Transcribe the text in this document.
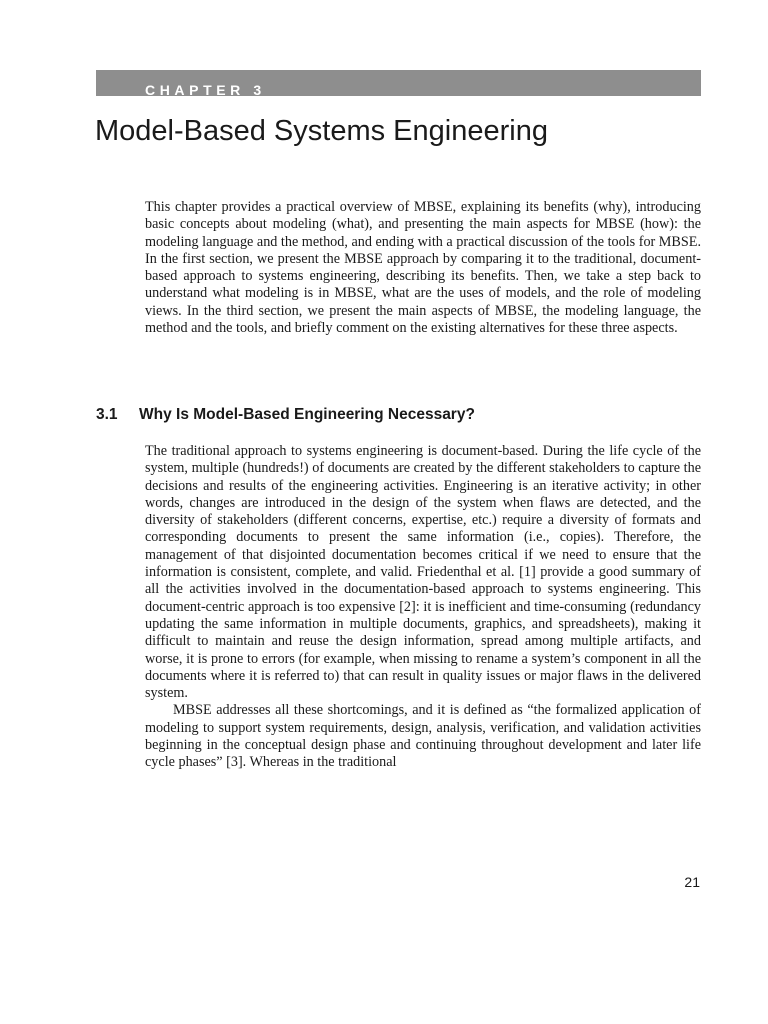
CHAPTER 3
Model-Based Systems Engineering

This chapter provides a practical overview of MBSE, explaining its benefits (why), introducing basic concepts about modeling (what), and presenting the main aspects for MBSE (how): the modeling language and the method, and ending with a practical discussion of the tools for MBSE. In the first section, we present the MBSE approach by comparing it to the traditional, document-based approach to systems engineering, describing its benefits. Then, we take a step back to understand what modeling is in MBSE, what are the uses of models, and the role of modeling views. In the third section, we present the main aspects of MBSE, the modeling language, the method and the tools, and briefly comment on the existing alternatives for these three aspects.

3.1 Why Is Model-Based Engineering Necessary?

The traditional approach to systems engineering is document-based. During the life cycle of the system, multiple (hundreds!) of documents are created by the different stakeholders to capture the decisions and results of the engineering activities. Engineering is an iterative activity; in other words, changes are introduced in the design of the system when flaws are detected, and the diversity of stakeholders (different concerns, expertise, etc.) require a diversity of formats and corresponding documents to present the same information (i.e., copies). Therefore, the management of that disjointed documentation becomes critical if we need to ensure that the information is consistent, complete, and valid. Friedenthal et al. [1] provide a good summary of all the activities involved in the documentation-based approach to systems engineering. This document-centric approach is too expensive [2]: it is inefficient and time-consuming (redundancy updating the same information in multiple documents, graphics, and spreadsheets), making it difficult to maintain and reuse the design information, spread among multiple artifacts, and worse, it is prone to errors (for example, when missing to rename a system’s component in all the documents where it is referred to) that can result in quality issues or major flaws in the delivered system.

MBSE addresses all these shortcomings, and it is defined as “the formalized application of modeling to support system requirements, design, analysis, verification, and validation activities beginning in the conceptual design phase and continuing throughout development and later life cycle phases” [3]. Whereas in the traditional

21
